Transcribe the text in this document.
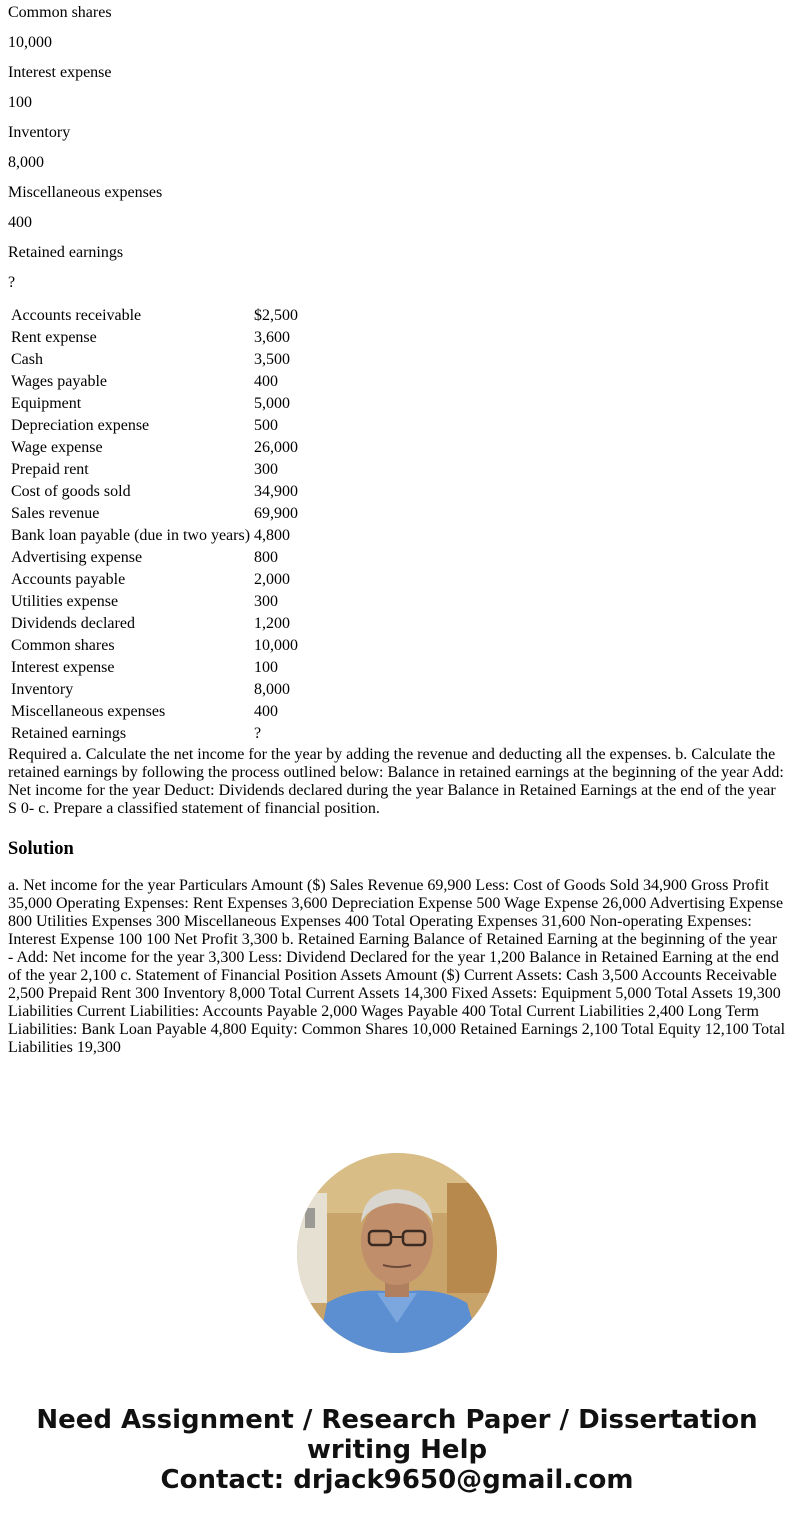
Common shares

10,000

Interest expense

100

Inventory

8,000

Miscellaneous expenses

400

Retained earnings

?

Accounts receivable	$2,500
Rent expense	3,600
Cash	3,500
Wages payable	400
Equipment	5,000
Depreciation expense	500
Wage expense	26,000
Prepaid rent	300
Cost of goods sold	34,900
Sales revenue	69,900
Bank loan payable (due in two years)	4,800
Advertising expense	800
Accounts payable	2,000
Utilities expense	300
Dividends declared	1,200
Common shares	10,000
Interest expense	100
Inventory	8,000
Miscellaneous expenses	400
Retained earnings	?

Required a. Calculate the net income for the year by adding the revenue and deducting all the expenses. b. Calculate the retained earnings by following the process outlined below: Balance in retained earnings at the beginning of the year Add: Net income for the year Deduct: Dividends declared during the year Balance in Retained Earnings at the end of the year S 0- c. Prepare a classified statement of financial position.

Solution

a. Net income for the year Particulars Amount ($) Sales Revenue 69,900 Less: Cost of Goods Sold 34,900 Gross Profit 35,000 Operating Expenses: Rent Expenses 3,600 Depreciation Expense 500 Wage Expense 26,000 Advertising Expense 800 Utilities Expenses 300 Miscellaneous Expenses 400 Total Operating Expenses 31,600 Non-operating Expenses: Interest Expense 100 100 Net Profit 3,300 b. Retained Earning Balance of Retained Earning at the beginning of the year - Add: Net income for the year 3,300 Less: Dividend Declared for the year 1,200 Balance in Retained Earning at the end of the year 2,100 c. Statement of Financial Position Assets Amount ($) Current Assets: Cash 3,500 Accounts Receivable 2,500 Prepaid Rent 300 Inventory 8,000 Total Current Assets 14,300 Fixed Assets: Equipment 5,000 Total Assets 19,300 Liabilities Current Liabilities: Accounts Payable 2,000 Wages Payable 400 Total Current Liabilities 2,400 Long Term Liabilities: Bank Loan Payable 4,800 Equity: Common Shares 10,000 Retained Earnings 2,100 Total Equity 12,100 Total Liabilities 19,300

Need Assignment / Research Paper / Dissertation
writing Help
Contact: drjack9650@gmail.com
